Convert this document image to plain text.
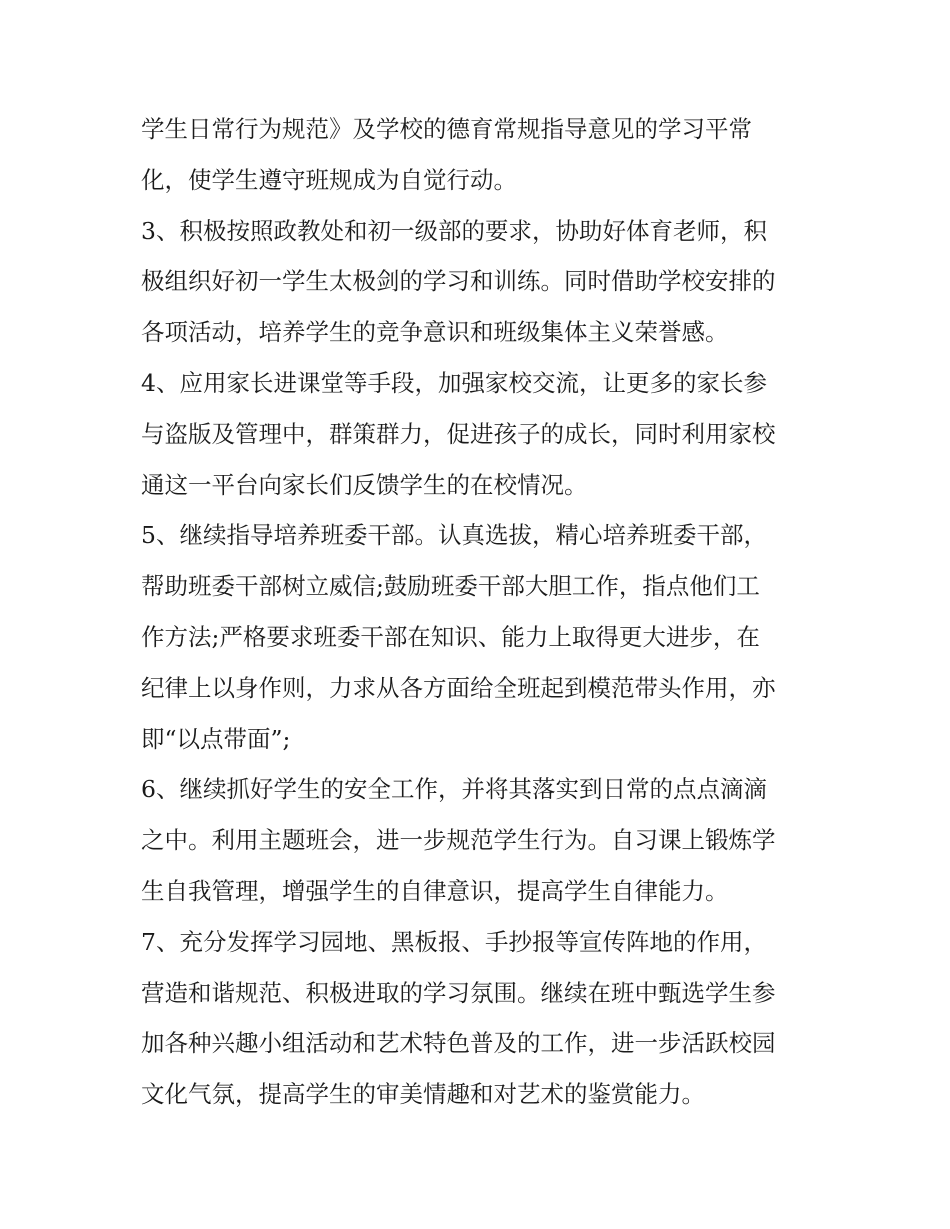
学生日常行为规范》及学校的德育常规指导意见的学习平常
化，使学生遵守班规成为自觉行动。
3、积极按照政教处和初一级部的要求，协助好体育老师，积
极组织好初一学生太极剑的学习和训练。同时借助学校安排的
各项活动，培养学生的竞争意识和班级集体主义荣誉感。
4、应用家长进课堂等手段，加强家校交流，让更多的家长参
与盗版及管理中，群策群力，促进孩子的成长，同时利用家校
通这一平台向家长们反馈学生的在校情况。
5、继续指导培养班委干部。认真选拔，精心培养班委干部，
帮助班委干部树立威信;鼓励班委干部大胆工作，指点他们工
作方法;严格要求班委干部在知识、能力上取得更大进步，在
纪律上以身作则，力求从各方面给全班起到模范带头作用，亦
即“以点带面”;
6、继续抓好学生的安全工作，并将其落实到日常的点点滴滴
之中。利用主题班会，进一步规范学生行为。自习课上锻炼学
生自我管理，增强学生的自律意识，提高学生自律能力。
7、充分发挥学习园地、黑板报、手抄报等宣传阵地的作用，
营造和谐规范、积极进取的学习氛围。继续在班中甄选学生参
加各种兴趣小组活动和艺术特色普及的工作，进一步活跃校园
文化气氛，提高学生的审美情趣和对艺术的鉴赏能力。
